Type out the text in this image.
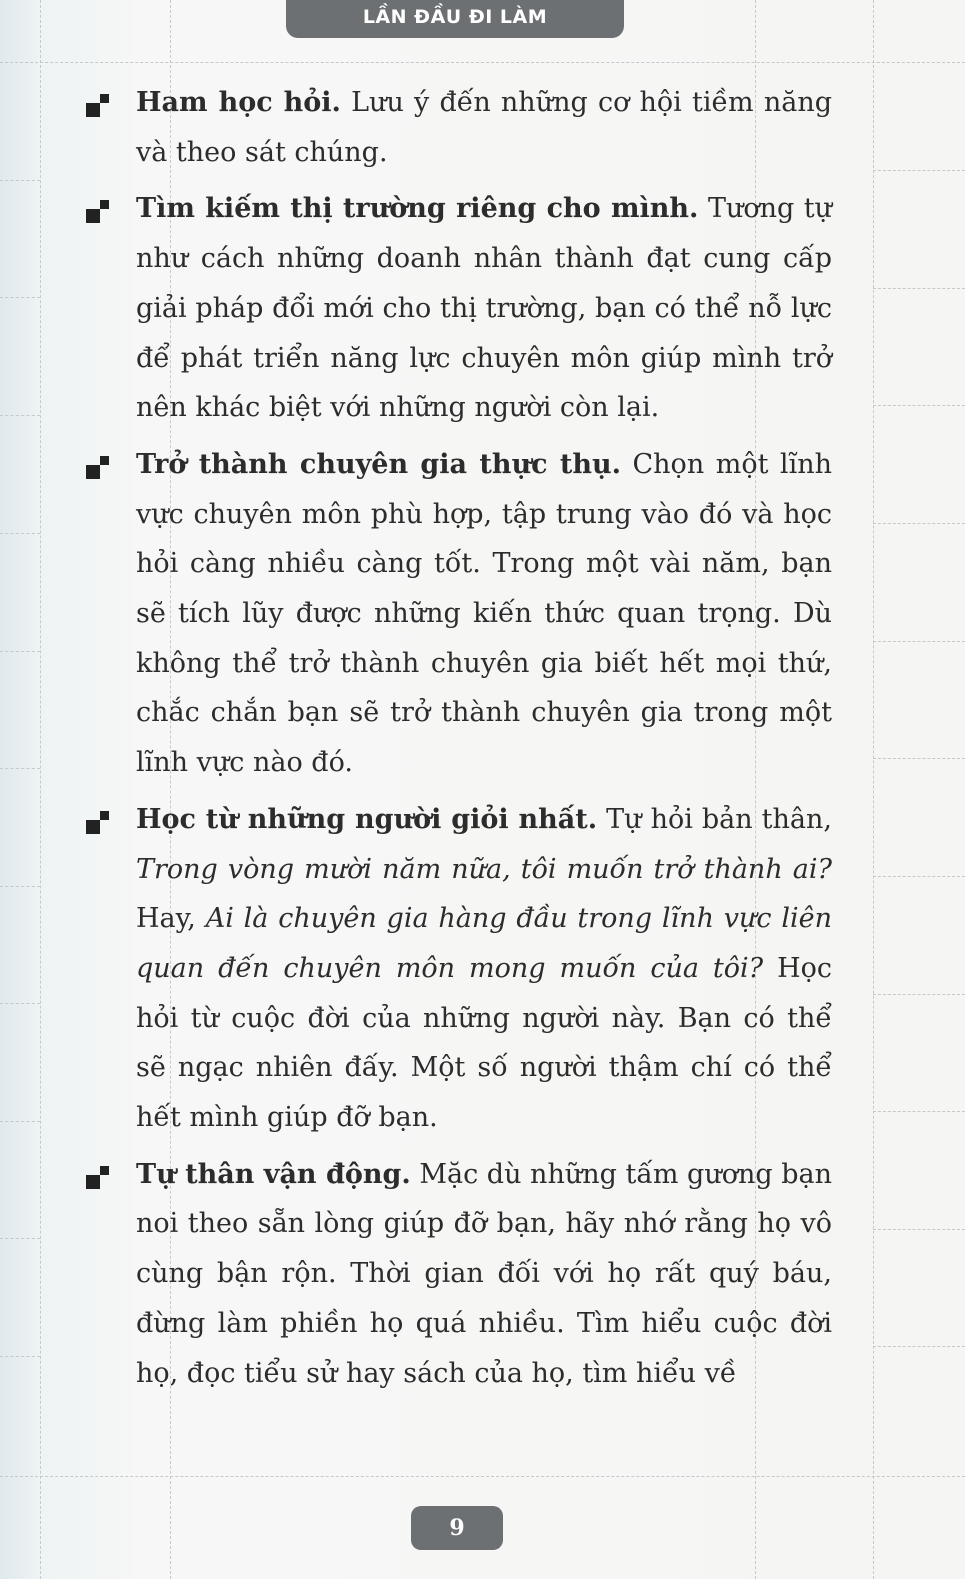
LẦN ĐẦU ĐI LÀM

Ham học hỏi. Lưu ý đến những cơ hội tiềm năng và theo sát chúng.

Tìm kiếm thị trường riêng cho mình. Tương tự như cách những doanh nhân thành đạt cung cấp giải pháp đổi mới cho thị trường, bạn có thể nỗ lực để phát triển năng lực chuyên môn giúp mình trở nên khác biệt với những người còn lại.

Trở thành chuyên gia thực thụ. Chọn một lĩnh vực chuyên môn phù hợp, tập trung vào đó và học hỏi càng nhiều càng tốt. Trong một vài năm, bạn sẽ tích lũy được những kiến thức quan trọng. Dù không thể trở thành chuyên gia biết hết mọi thứ, chắc chắn bạn sẽ trở thành chuyên gia trong một lĩnh vực nào đó.

Học từ những người giỏi nhất. Tự hỏi bản thân, Trong vòng mười năm nữa, tôi muốn trở thành ai? Hay, Ai là chuyên gia hàng đầu trong lĩnh vực liên quan đến chuyên môn mong muốn của tôi? Học hỏi từ cuộc đời của những người này. Bạn có thể sẽ ngạc nhiên đấy. Một số người thậm chí có thể hết mình giúp đỡ bạn.

Tự thân vận động. Mặc dù những tấm gương bạn noi theo sẵn lòng giúp đỡ bạn, hãy nhớ rằng họ vô cùng bận rộn. Thời gian đối với họ rất quý báu, đừng làm phiền họ quá nhiều. Tìm hiểu cuộc đời họ, đọc tiểu sử hay sách của họ, tìm hiểu về

9
